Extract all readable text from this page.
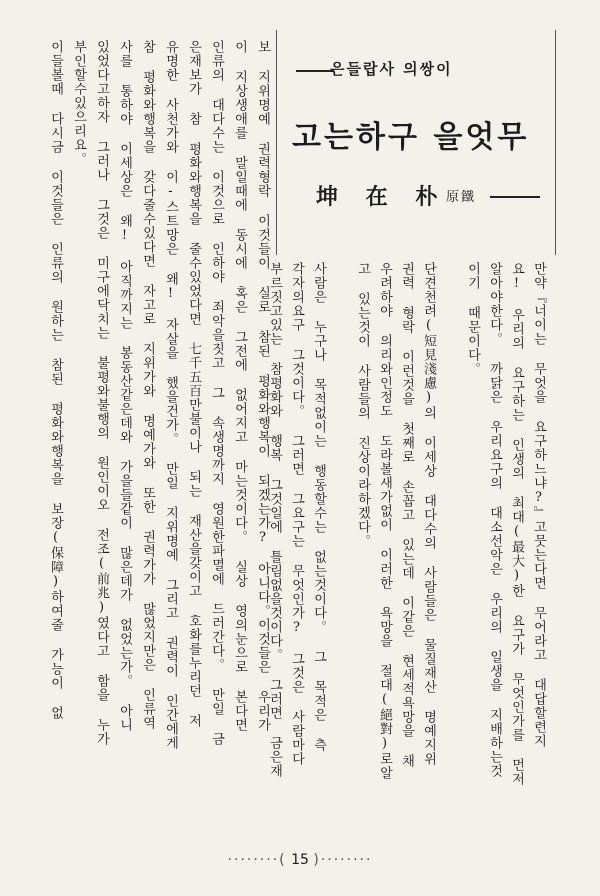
은들랍사 의쌍이
고는하구 을엇무
坤 在 朴
原鐵
만약『너이는 무엇을 요구하느냐?』고뭇는다면 무어라고 대답할련지
요! 우리의 요구하는 인생의 최대(最大)한 요구가 무엇인가를 먼저
알아야한다。 까닭은 우리요구의 대소선악은 우리의 일생을 지배하는것
이기 때문이다。
단견천려(短見淺慮)의 이세상 대다수의 사람들은 물질재산 명예지위
권력 형락 이런것을 첫째로 손꼽고 있는데 이같은 현세적욕망을 채
우려하야 의리와인정도 도라볼새가없이 이러한 욕망을 절대(絕對)로알
고 있는것이 사람들의 진상이라하겠다。
사람은 누구나 목적없이는 행동할수는 없는것이다。 그 목적은 측
각자의요구 그것이다。 그러면 그요구는 무엇인가? 그것은 사람마다
부르짓고있는 참평화와 행복 그것일에 틀림없을것이다。 그러면 금은재
보 지위명예 권력형락 이것들이 실로 참된 평화와행복이 되겠는가? 아니다。이것들은 우리가
이 지상생애를 말일때에 동시에 혹은 그전에 없어지고 마는것이다。 실상 영의눈으로 본다면
인류의 대다수는 이것으로 인하야 죄악을짓고 그 속생명까지 영원한파멸에 드러간다。 만일 금
은재보가 참 평화와행복을 줄수있었다면 七千五百만불이나 되는 재산을갖이고 호화를누리던 저
유명한 사천가와 이-스트망은 왜! 자살을 했을건가。 만일 지위명예 그리고 권력이 인간에게
참 평화와행복을 갖다줄수있다면 자고로 지위가와 명예가와 또한 권력가가 많었지만은 인류역
사를 통하야 이세상은 왜! 아직까지는 봉동산같은데와 가을들같이 많은데가 없었는가。 아니
있었다고하자 그러나 그것은 미구에닥치는 불평와불행의 원인이오 전조(前兆)였다고 함을 누가
부인할수있으리요。
이들볼때 다시금 이것들은 인류의 원하는 참된 평화와행복을 보장(保障)하여줄 가능이 없
········( 15 )········
